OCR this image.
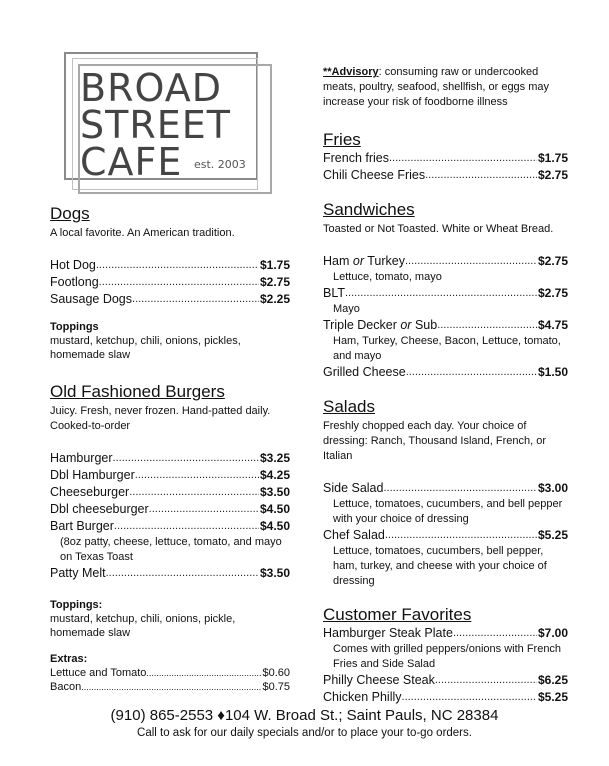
BROAD
STREET
CAFE est. 2003
Dogs
A local favorite. An American tradition.
Hot Dog .....	$1.75
Footlong .....	$2.75
Sausage Dogs .....	$2.25
Toppings
mustard, ketchup, chili, onions, pickles, homemade slaw
Old Fashioned Burgers
Juicy. Fresh, never frozen. Hand-patted daily. Cooked-to-order
Hamburger .....	$3.25
Dbl Hamburger .....	$4.25
Cheeseburger .....	$3.50
Dbl cheeseburger .....	$4.50
Bart Burger .....	$4.50
(8oz patty, cheese, lettuce, tomato, and mayo on Texas Toast
Patty Melt .....	$3.50
Toppings:
mustard, ketchup, chili, onions, pickle, homemade slaw
Extras:
Lettuce and Tomato .....	$0.60
Bacon .....	$0.75
**Advisory: consuming raw or undercooked meats, poultry, seafood, shellfish, or eggs may increase your risk of foodborne illness
Fries
French fries .....	$1.75
Chili Cheese Fries .....	$2.75
Sandwiches
Toasted or Not Toasted. White or Wheat Bread.
Ham or Turkey .....	$2.75
Lettuce, tomato, mayo
BLT .....	$2.75
Mayo
Triple Decker or Sub .....	$4.75
Ham, Turkey, Cheese, Bacon, Lettuce, tomato, and mayo
Grilled Cheese .....	$1.50
Salads
Freshly chopped each day. Your choice of dressing: Ranch, Thousand Island, French, or Italian
Side Salad .....	$3.00
Lettuce, tomatoes, cucumbers, and bell pepper with your choice of dressing
Chef Salad .....	$5.25
Lettuce, tomatoes, cucumbers, bell pepper, ham, turkey, and cheese with your choice of dressing
Customer Favorites
Hamburger Steak Plate .....	$7.00
Comes with grilled peppers/onions with French Fries and Side Salad
Philly Cheese Steak .....	$6.25
Chicken Philly .....	$5.25
(910) 865-2553 ♦104 W. Broad St.; Saint Pauls, NC 28384
Call to ask for our daily specials and/or to place your to-go orders.
